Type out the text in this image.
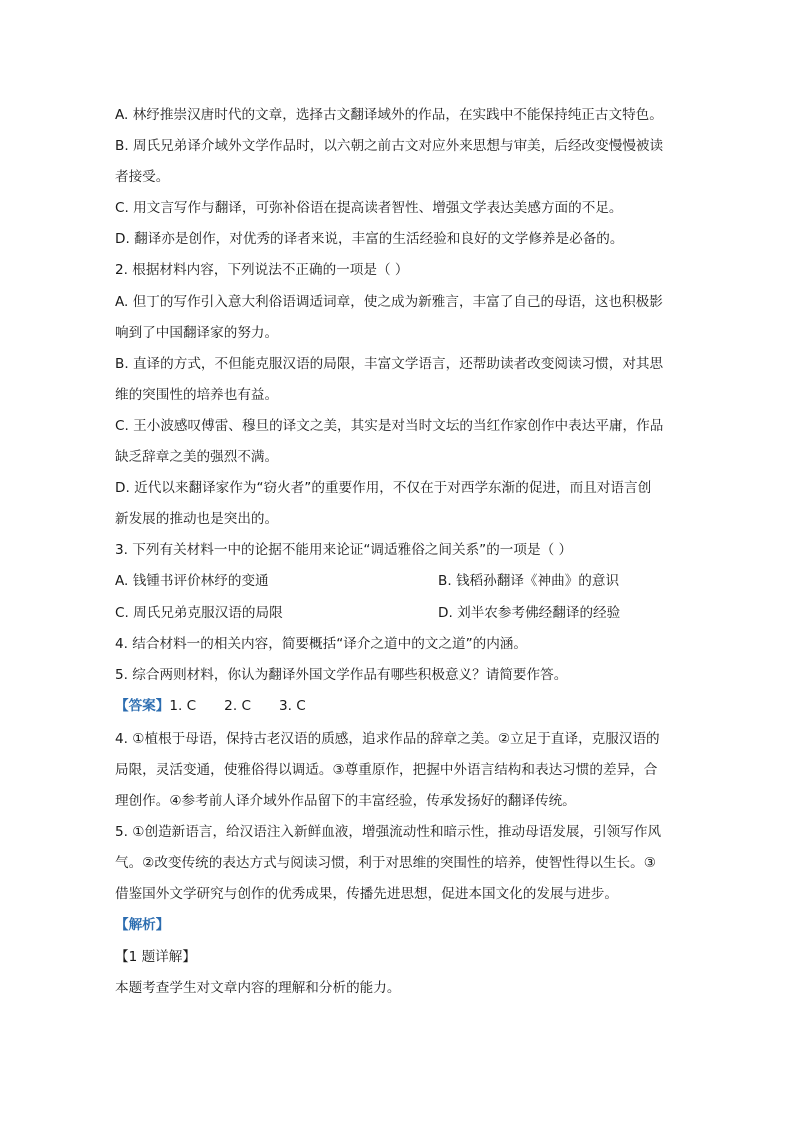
A. 林纾推崇汉唐时代的文章，选择古文翻译域外的作品，在实践中不能保持纯正古文特色。
B. 周氏兄弟译介域外文学作品时，以六朝之前古文对应外来思想与审美，后经改变慢慢被读
者接受。
C. 用文言写作与翻译，可弥补俗语在提高读者智性、增强文学表达美感方面的不足。
D. 翻译亦是创作，对优秀的译者来说，丰富的生活经验和良好的文学修养是必备的。
2. 根据材料内容，下列说法不正确的一项是（ ）
A. 但丁的写作引入意大利俗语调适词章，使之成为新雅言，丰富了自己的母语，这也积极影
响到了中国翻译家的努力。
B. 直译的方式，不但能克服汉语的局限，丰富文学语言，还帮助读者改变阅读习惯，对其思
维的突围性的培养也有益。
C. 王小波感叹傅雷、穆旦的译文之美，其实是对当时文坛的当红作家创作中表达平庸，作品
缺乏辞章之美的强烈不满。
D. 近代以来翻译家作为“窃火者”的重要作用，不仅在于对西学东渐的促进，而且对语言创
新发展的推动也是突出的。
3. 下列有关材料一中的论据不能用来论证“调适雅俗之间关系”的一项是（ ）
A. 钱锺书评价林纾的变通	B. 钱稻孙翻译《神曲》的意识
C. 周氏兄弟克服汉语的局限	D. 刘半农参考佛经翻译的经验
4. 结合材料一的相关内容，简要概括“译介之道中的文之道”的内涵。
5. 综合两则材料，你认为翻译外国文学作品有哪些积极意义？请简要作答。
【答案】1. C 2. C 3. C
4. ①植根于母语，保持古老汉语的质感，追求作品的辞章之美。②立足于直译，克服汉语的
局限，灵活变通，使雅俗得以调适。③尊重原作，把握中外语言结构和表达习惯的差异，合
理创作。④参考前人译介域外作品留下的丰富经验，传承发扬好的翻译传统。
5. ①创造新语言，给汉语注入新鲜血液，增强流动性和暗示性，推动母语发展，引领写作风
气。②改变传统的表达方式与阅读习惯，利于对思维的突围性的培养，使智性得以生长。③
借鉴国外文学研究与创作的优秀成果，传播先进思想，促进本国文化的发展与进步。
【解析】
【1 题详解】
本题考查学生对文章内容的理解和分析的能力。
